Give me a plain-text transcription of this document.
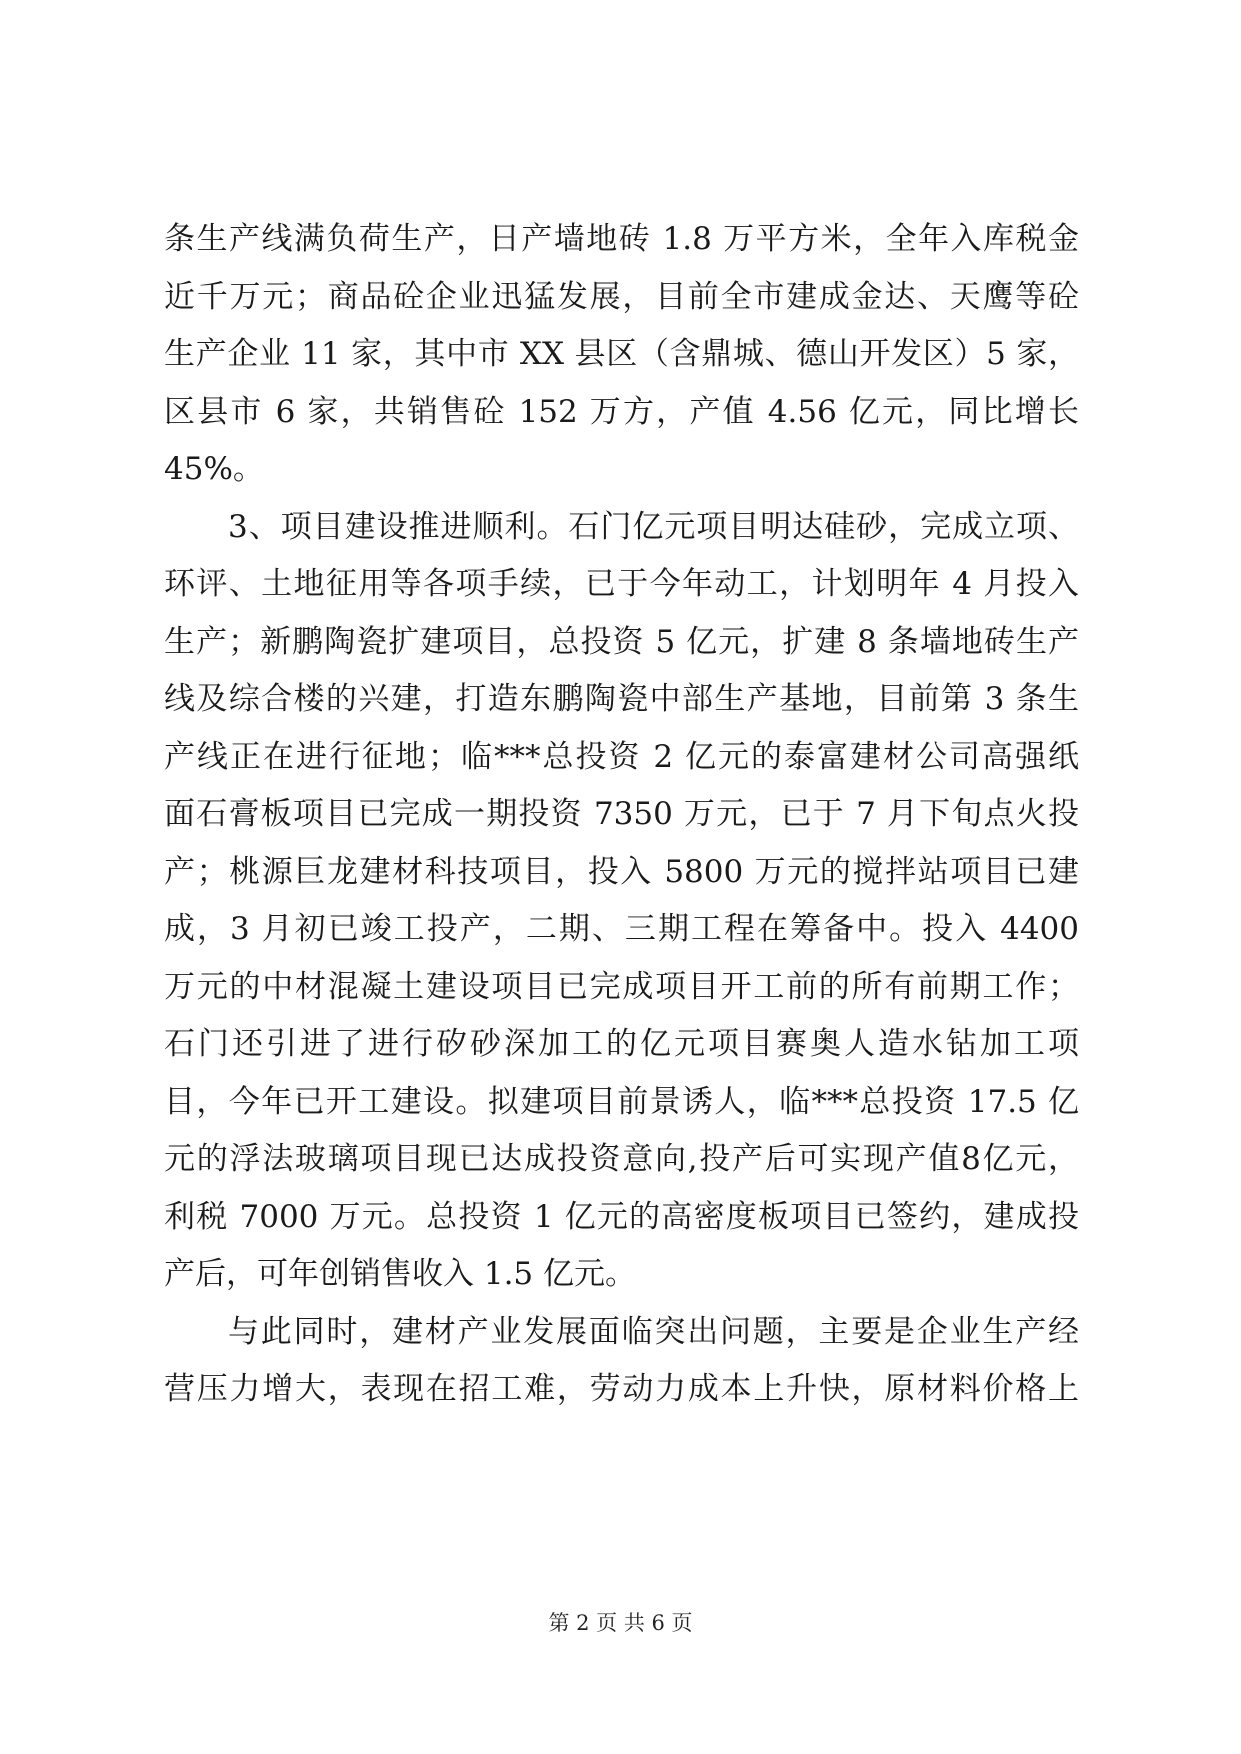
条生产线满负荷生产，日产墙地砖 1.8 万平方米，全年入库税金
近千万元；商品砼企业迅猛发展，目前全市建成金达、天鹰等砼
生产企业 11 家，其中市 XX 县区（含鼎城、德山开发区）5 家，
区县市 6 家，共销售砼 152 万方，产值 4.56 亿元，同比增长
45%。
3、项目建设推进顺利。石门亿元项目明达硅砂，完成立项、
环评、土地征用等各项手续，已于今年动工，计划明年 4 月投入
生产；新鹏陶瓷扩建项目，总投资 5 亿元，扩建 8 条墙地砖生产
线及综合楼的兴建，打造东鹏陶瓷中部生产基地，目前第 3 条生
产线正在进行征地；临***总投资 2 亿元的泰富建材公司高强纸
面石膏板项目已完成一期投资 7350 万元，已于 7 月下旬点火投
产；桃源巨龙建材科技项目，投入 5800 万元的搅拌站项目已建
成，3 月初已竣工投产，二期、三期工程在筹备中。投入 4400
万元的中材混凝土建设项目已完成项目开工前的所有前期工作；
石门还引进了进行矽砂深加工的亿元项目赛奥人造水钻加工项
目，今年已开工建设。拟建项目前景诱人，临***总投资 17.5 亿
元的浮法玻璃项目现已达成投资意向,投产后可实现产值8亿元，
利税 7000 万元。总投资 1 亿元的高密度板项目已签约，建成投
产后，可年创销售收入 1.5 亿元。
与此同时，建材产业发展面临突出问题，主要是企业生产经
营压力增大，表现在招工难，劳动力成本上升快，原材料价格上
第 2 页 共 6 页
